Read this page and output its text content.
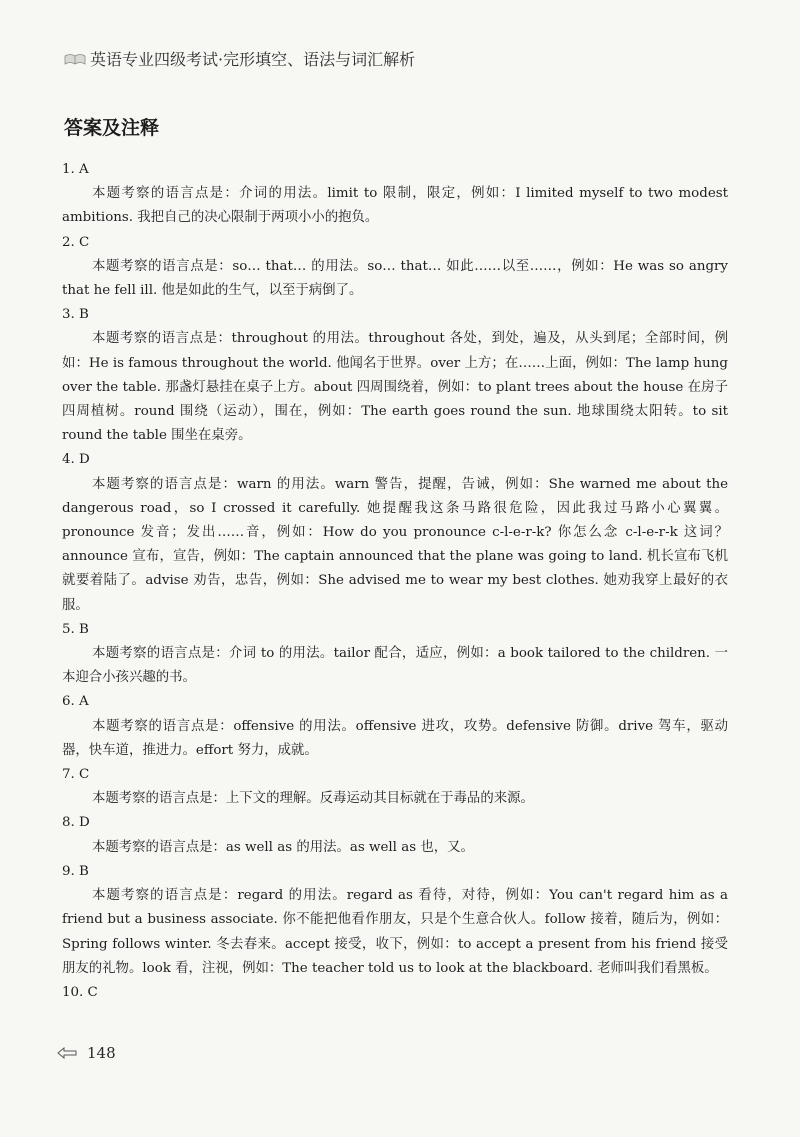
英语专业四级考试·完形填空、语法与词汇解析
答案及注释
1. A
本题考察的语言点是：介词的用法。limit to 限制，限定，例如：I limited myself to two modest ambitions. 我把自己的决心限制于两项小小的抱负。
2. C
本题考察的语言点是：so… that… 的用法。so… that… 如此……以至……，例如：He was so angry that he fell ill. 他是如此的生气，以至于病倒了。
3. B
本题考察的语言点是：throughout 的用法。throughout 各处，到处，遍及，从头到尾；全部时间，例如：He is famous throughout the world. 他闻名于世界。over 上方；在……上面，例如：The lamp hung over the table. 那盏灯悬挂在桌子上方。about 四周围绕着，例如：to plant trees about the house 在房子四周植树。round 围绕（运动），围在，例如：The earth goes round the sun. 地球围绕太阳转。to sit round the table 围坐在桌旁。
4. D
本题考察的语言点是：warn 的用法。warn 警告，提醒，告诫，例如：She warned me about the dangerous road，so I crossed it carefully. 她提醒我这条马路很危险，因此我过马路小心翼翼。pronounce 发音；发出……音，例如：How do you pronounce c-l-e-r-k? 你怎么念 c-l-e-r-k 这词？announce 宣布，宣告，例如：The captain announced that the plane was going to land. 机长宣布飞机就要着陆了。advise 劝告，忠告，例如：She advised me to wear my best clothes. 她劝我穿上最好的衣服。
5. B
本题考察的语言点是：介词 to 的用法。tailor 配合，适应，例如：a book tailored to the children. 一本迎合小孩兴趣的书。
6. A
本题考察的语言点是：offensive 的用法。offensive 进攻，攻势。defensive 防御。drive 驾车，驱动器，快车道，推进力。effort 努力，成就。
7. C
本题考察的语言点是：上下文的理解。反毒运动其目标就在于毒品的来源。
8. D
本题考察的语言点是：as well as 的用法。as well as 也，又。
9. B
本题考察的语言点是：regard 的用法。regard as 看待，对待，例如：You can't regard him as a friend but a business associate. 你不能把他看作朋友，只是个生意合伙人。follow 接着，随后为，例如：Spring follows winter. 冬去春来。accept 接受，收下，例如：to accept a present from his friend 接受朋友的礼物。look 看，注视，例如：The teacher told us to look at the blackboard. 老师叫我们看黑板。
10. C
148
